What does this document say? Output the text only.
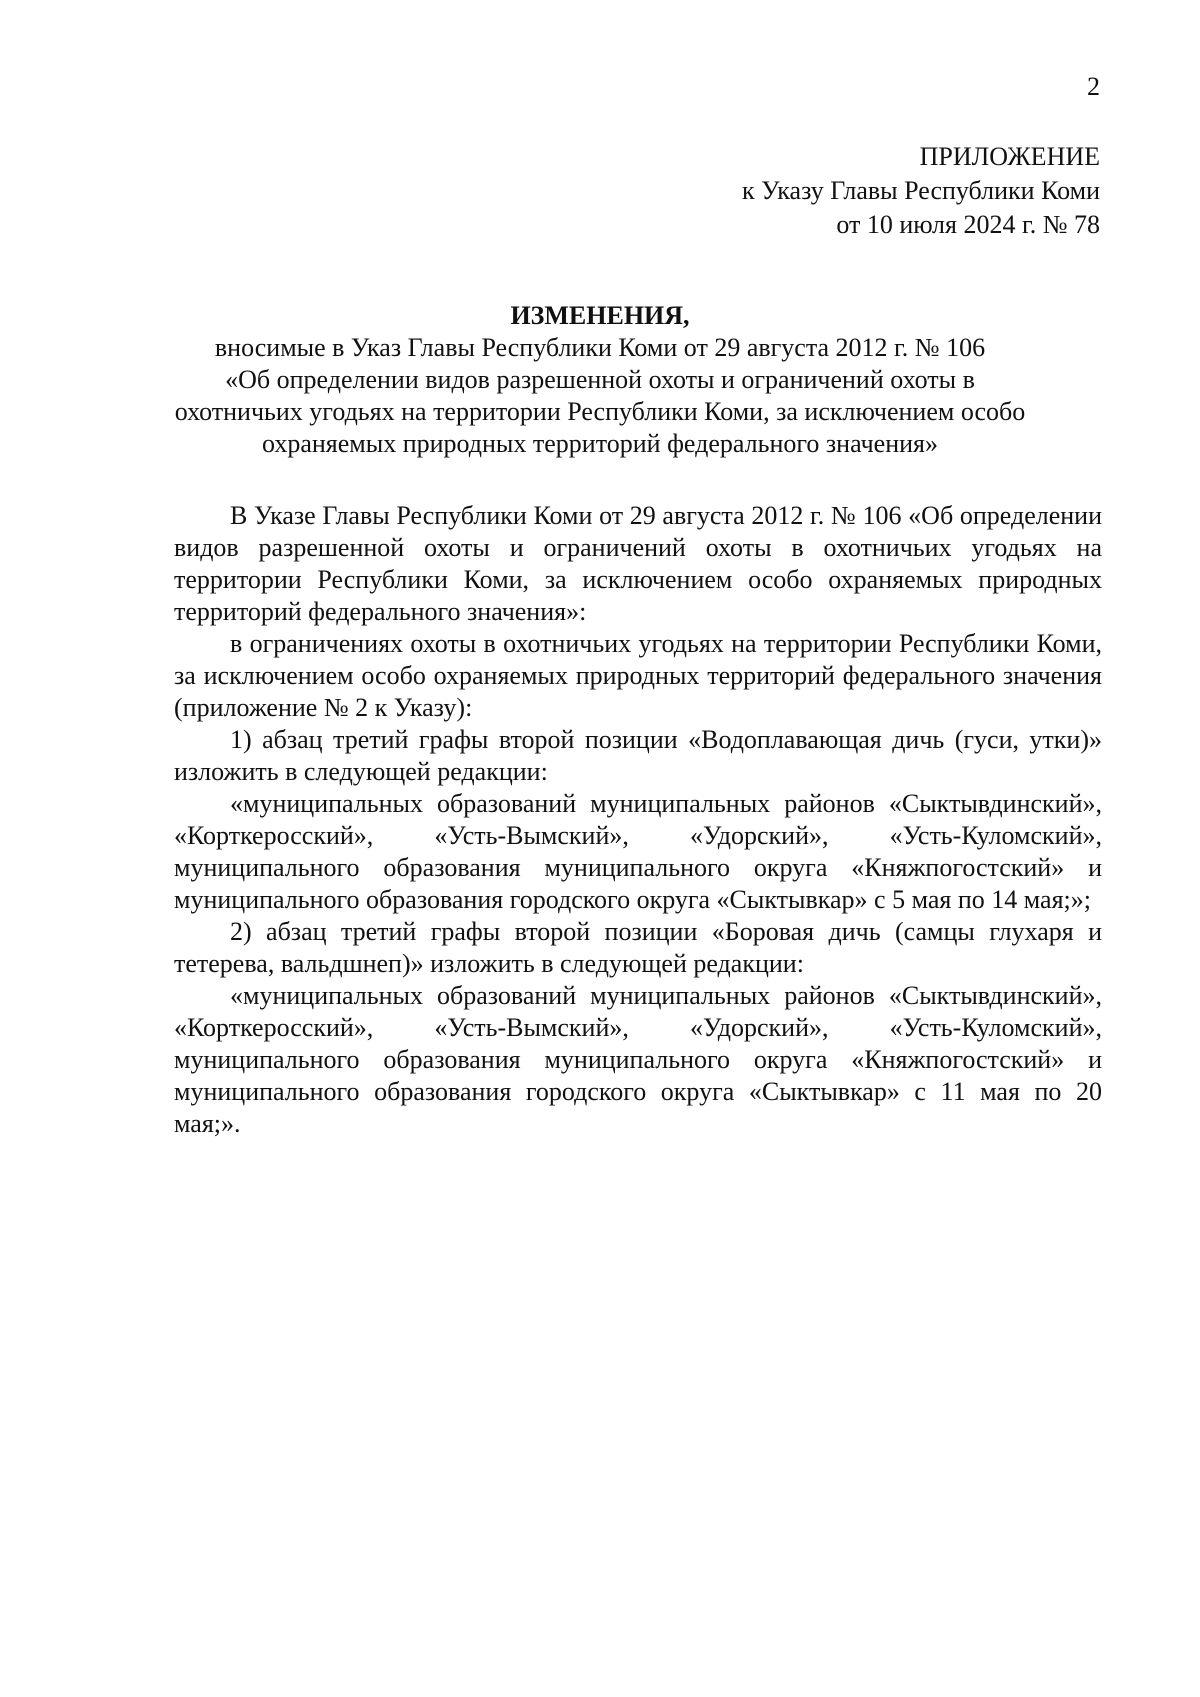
2
ПРИЛОЖЕНИЕ
к Указу Главы Республики Коми
от 10 июля 2024 г. № 78
ИЗМЕНЕНИЯ,
вносимые в Указ Главы Республики Коми от 29 августа 2012 г. № 106
«Об определении видов разрешенной охоты и ограничений охоты в
охотничьих угодьях на территории Республики Коми, за исключением особо
охраняемых природных территорий федерального значения»

В Указе Главы Республики Коми от 29 августа 2012 г. № 106 «Об определении видов разрешенной охоты и ограничений охоты в охотничьих угодьях на территории Республики Коми, за исключением особо охраняемых природных территорий федерального значения»:

в ограничениях охоты в охотничьих угодьях на территории Республики Коми, за исключением особо охраняемых природных территорий федерального значения (приложение № 2 к Указу):

1) абзац третий графы второй позиции «Водоплавающая дичь (гуси, утки)» изложить в следующей редакции:

«муниципальных образований муниципальных районов «Сыктывдинский», «Корткеросский», «Усть-Вымский», «Удорский», «Усть-Куломский», муниципального образования муниципального округа «Княжпогостский» и муниципального образования городского округа «Сыктывкар» с 5 мая по 14 мая;»;

2) абзац третий графы второй позиции «Боровая дичь (самцы глухаря и тетерева, вальдшнеп)» изложить в следующей редакции:

«муниципальных образований муниципальных районов «Сыктывдинский», «Корткеросский», «Усть-Вымский», «Удорский», «Усть-Куломский», муниципального образования муниципального округа «Княжпогостский» и муниципального образования городского округа «Сыктывкар» с 11 мая по 20 мая;».
